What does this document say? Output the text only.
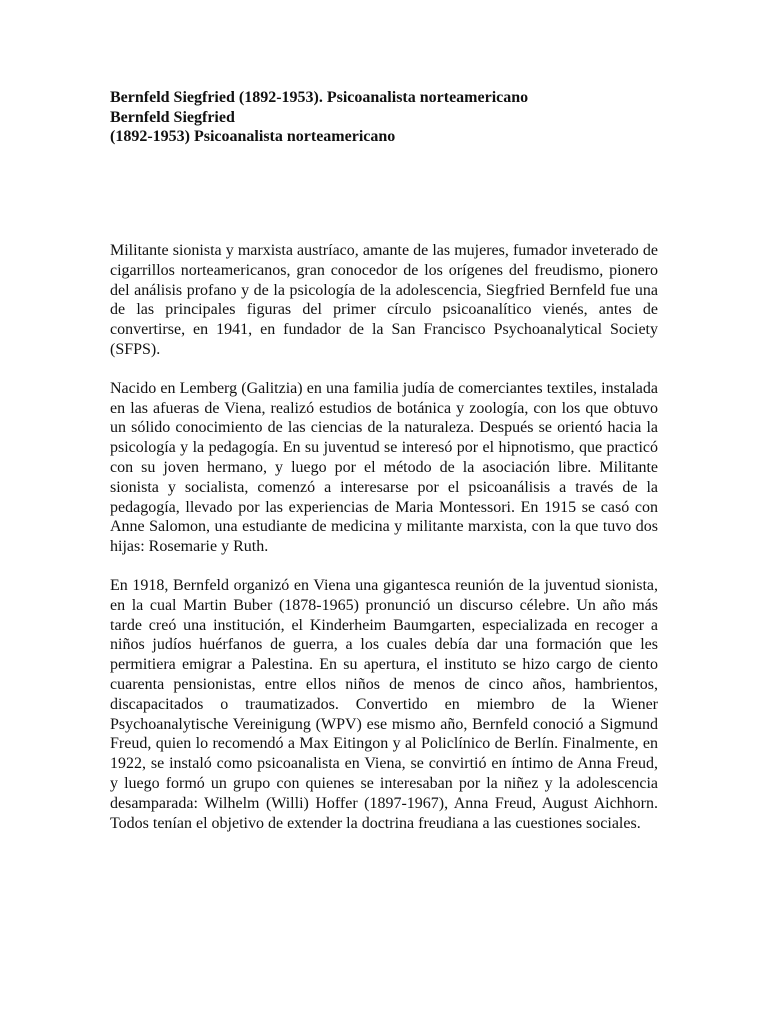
Bernfeld Siegfried (1892-1953). Psicoanalista norteamericano
Bernfeld Siegfried
(1892-1953) Psicoanalista norteamericano

Militante sionista y marxista austríaco, amante de las mujeres, fumador inveterado de cigarrillos norteamericanos, gran conocedor de los orígenes del freudismo, pionero del análisis profano y de la psicología de la adolescencia, Siegfried Bernfeld fue una de las principales figuras del primer círculo psicoanalítico vienés, antes de convertirse, en 1941, en fundador de la San Francisco Psychoanalytical Society (SFPS).

Nacido en Lemberg (Galitzia) en una familia judía de comerciantes textiles, instalada en las afueras de Viena, realizó estudios de botánica y zoología, con los que obtuvo un sólido conocimiento de las ciencias de la naturaleza. Después se orientó hacia la psicología y la pedagogía. En su juventud se interesó por el hipnotismo, que practicó con su joven hermano, y luego por el método de la asociación libre. Militante sionista y socialista, comenzó a interesarse por el psicoanálisis a través de la pedagogía, llevado por las experiencias de Maria Montessori. En 1915 se casó con Anne Salomon, una estudiante de medicina y militante marxista, con la que tuvo dos hijas: Rosemarie y Ruth.

En 1918, Bernfeld organizó en Viena una gigantesca reunión de la juventud sionista, en la cual Martin Buber (1878-1965) pronunció un discurso célebre. Un año más tarde creó una institución, el Kinderheim Baumgarten, especializada en recoger a niños judíos huérfanos de guerra, a los cuales debía dar una formación que les permitiera emigrar a Palestina. En su apertura, el instituto se hizo cargo de ciento cuarenta pensionistas, entre ellos niños de menos de cinco años, hambrientos, discapacitados o traumatizados. Convertido en miembro de la Wiener Psychoanalytische Vereinigung (WPV) ese mismo año, Bernfeld conoció a Sigmund Freud, quien lo recomendó a Max Eitingon y al Policlínico de Berlín. Finalmente, en 1922, se instaló como psicoanalista en Viena, se convirtió en íntimo de Anna Freud, y luego formó un grupo con quienes se interesaban por la niñez y la adolescencia desamparada: Wilhelm (Willi) Hoffer (1897-1967), Anna Freud, August Aichhorn. Todos tenían el objetivo de extender la doctrina freudiana a las cuestiones sociales.
